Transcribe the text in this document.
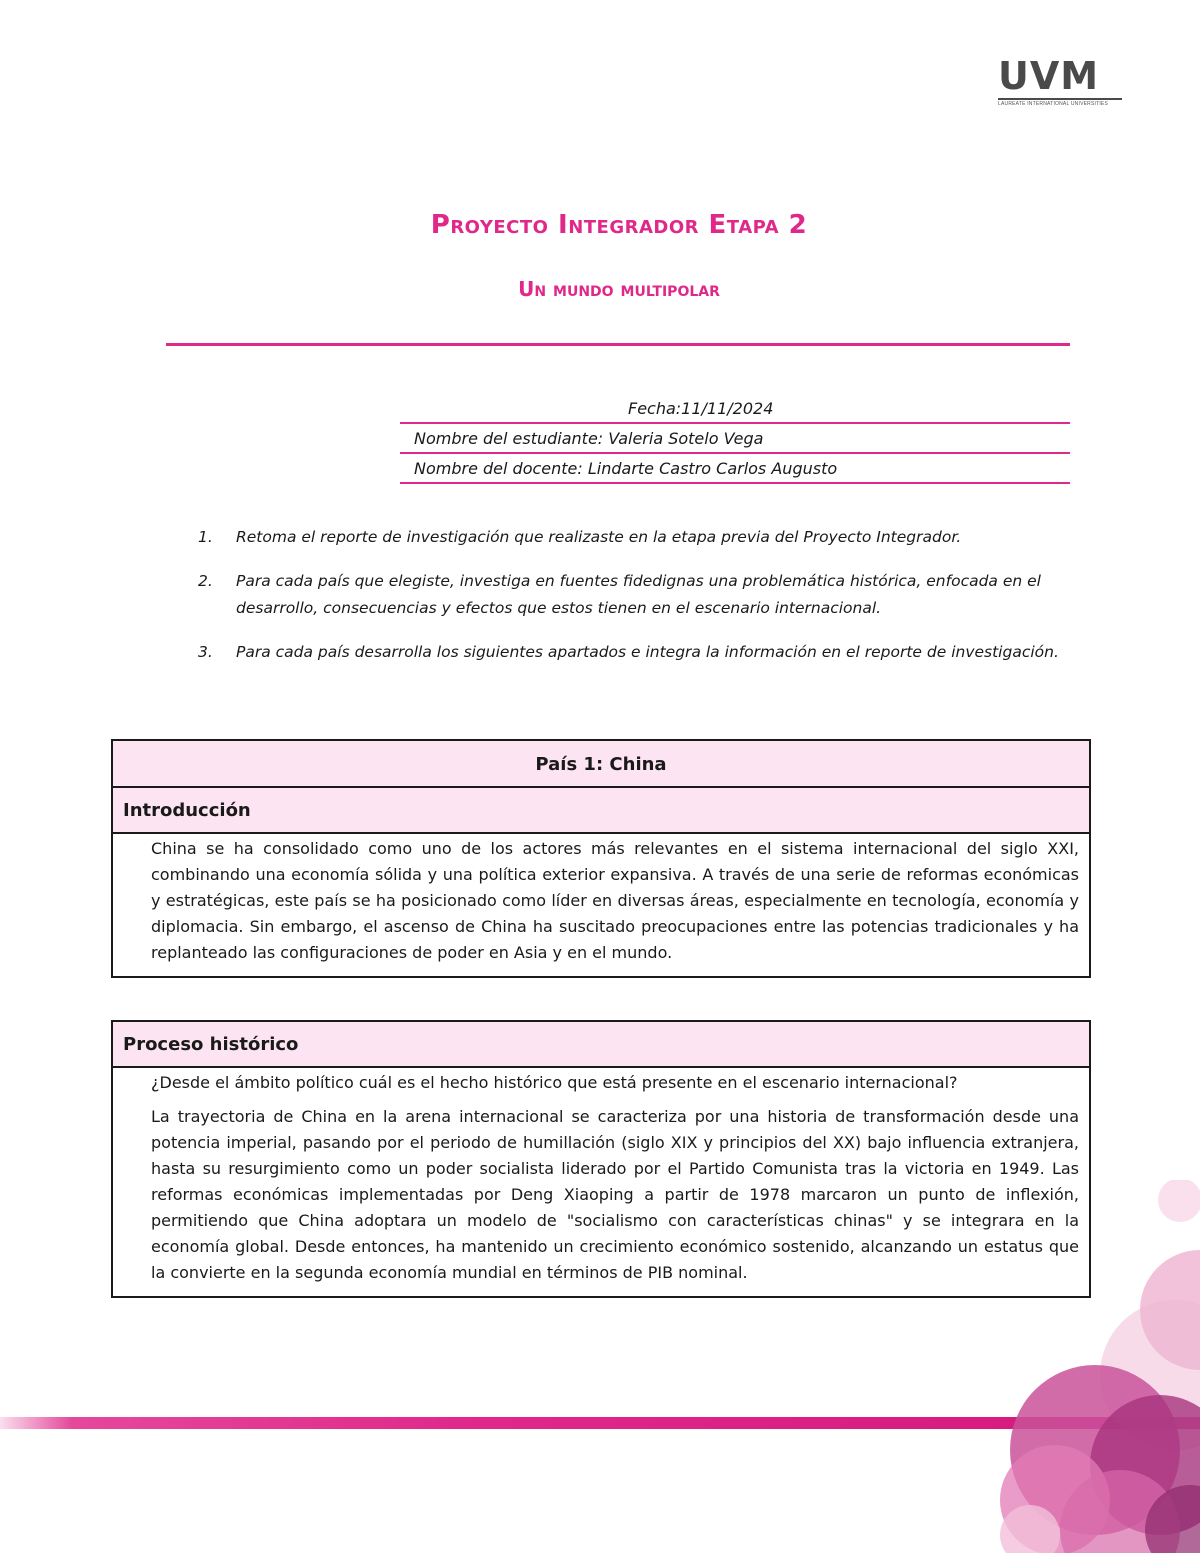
UVM
LAUREATE INTERNATIONAL UNIVERSITIES
Proyecto Integrador Etapa 2
Un mundo multipolar
Fecha:11/11/2024
Nombre del estudiante: Valeria Sotelo Vega
Nombre del docente: Lindarte Castro Carlos Augusto
1.	Retoma el reporte de investigación que realizaste en la etapa previa del Proyecto Integrador.
2.	Para cada país que elegiste, investiga en fuentes fidedignas una problemática histórica, enfocada en el desarrollo, consecuencias y efectos que estos tienen en el escenario internacional.
3.	Para cada país desarrolla los siguientes apartados e integra la información en el reporte de investigación.
País 1: China
Introducción

China se ha consolidado como uno de los actores más relevantes en el sistema internacional del siglo XXI, combinando una economía sólida y una política exterior expansiva. A través de una serie de reformas económicas y estratégicas, este país se ha posicionado como líder en diversas áreas, especialmente en tecnología, economía y diplomacia. Sin embargo, el ascenso de China ha suscitado preocupaciones entre las potencias tradicionales y ha replanteado las configuraciones de poder en Asia y en el mundo.

Proceso histórico

¿Desde el ámbito político cuál es el hecho histórico que está presente en el escenario internacional?

La trayectoria de China en la arena internacional se caracteriza por una historia de transformación desde una potencia imperial, pasando por el periodo de humillación (siglo XIX y principios del XX) bajo influencia extranjera, hasta su resurgimiento como un poder socialista liderado por el Partido Comunista tras la victoria en 1949. Las reformas económicas implementadas por Deng Xiaoping a partir de 1978 marcaron un punto de inflexión, permitiendo que China adoptara un modelo de "socialismo con características chinas" y se integrara en la economía global. Desde entonces, ha mantenido un crecimiento económico sostenido, alcanzando un estatus que la convierte en la segunda economía mundial en términos de PIB nominal.
